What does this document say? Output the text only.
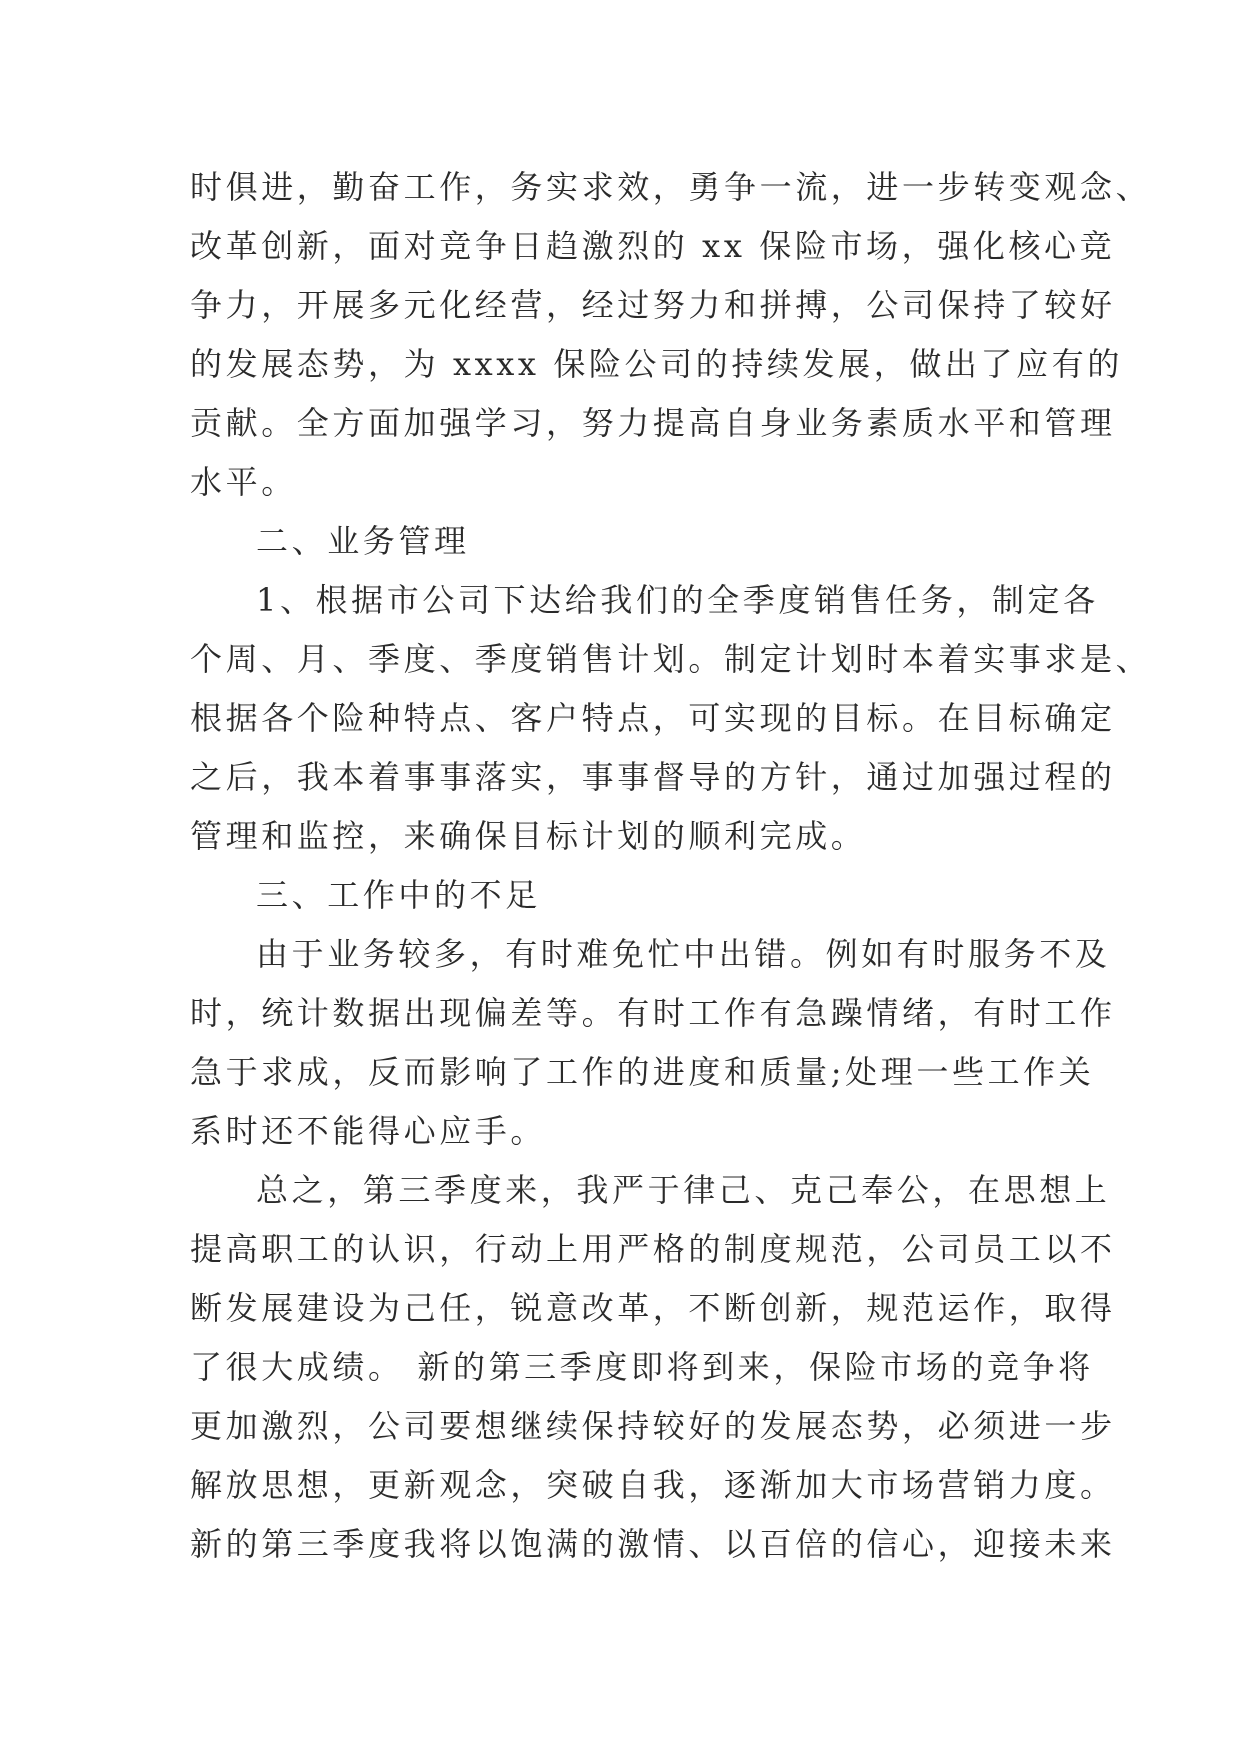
时俱进，勤奋工作，务实求效，勇争一流，进一步转变观念、
改革创新，面对竞争日趋激烈的 xx 保险市场，强化核心竞
争力，开展多元化经营，经过努力和拼搏，公司保持了较好
的发展态势，为 xxxx 保险公司的持续发展，做出了应有的
贡献。全方面加强学习，努力提高自身业务素质水平和管理
水平。
二、业务管理
1、根据市公司下达给我们的全季度销售任务，制定各
个周、月、季度、季度销售计划。制定计划时本着实事求是、
根据各个险种特点、客户特点，可实现的目标。在目标确定
之后，我本着事事落实，事事督导的方针，通过加强过程的
管理和监控，来确保目标计划的顺利完成。
三、工作中的不足
由于业务较多，有时难免忙中出错。例如有时服务不及
时，统计数据出现偏差等。有时工作有急躁情绪，有时工作
急于求成，反而影响了工作的进度和质量;处理一些工作关
系时还不能得心应手。
总之，第三季度来，我严于律己、克己奉公，在思想上
提高职工的认识，行动上用严格的制度规范，公司员工以不
断发展建设为己任，锐意改革，不断创新，规范运作，取得
了很大成绩。 新的第三季度即将到来，保险市场的竞争将
更加激烈，公司要想继续保持较好的发展态势，必须进一步
解放思想，更新观念，突破自我，逐渐加大市场营销力度。
新的第三季度我将以饱满的激情、以百倍的信心，迎接未来
